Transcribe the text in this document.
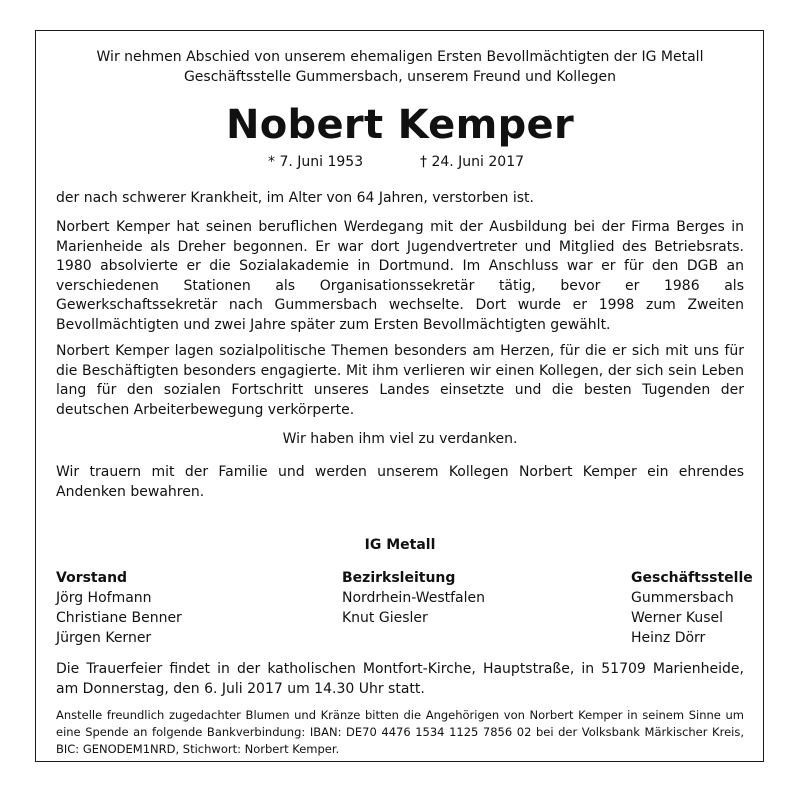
Wir nehmen Abschied von unserem ehemaligen Ersten Bevollmächtigten der IG Metall
Geschäftsstelle Gummersbach, unserem Freund und Kollegen
Nobert Kemper
* 7. Juni 1953	† 24. Juni 2017
der nach schwerer Krankheit, im Alter von 64 Jahren, verstorben ist.
Norbert Kemper hat seinen beruflichen Werdegang mit der Ausbildung bei der Firma Berges in Marienheide als Dreher begonnen. Er war dort Jugendvertreter und Mitglied des Betriebsrats. 1980 absolvierte er die Sozialakademie in Dortmund. Im Anschluss war er für den DGB an verschiedenen Stationen als Organisationssekretär tätig, bevor er 1986 als Gewerkschaftssekretär nach Gummersbach wechselte. Dort wurde er 1998 zum Zweiten Bevollmächtigten und zwei Jahre später zum Ersten Bevollmächtigten gewählt.
Norbert Kemper lagen sozialpolitische Themen besonders am Herzen, für die er sich mit uns für die Beschäftigten besonders engagierte. Mit ihm verlieren wir einen Kollegen, der sich sein Leben lang für den sozialen Fortschritt unseres Landes einsetzte und die besten Tugenden der deutschen Arbeiterbewegung verkörperte.
Wir haben ihm viel zu verdanken.
Wir trauern mit der Familie und werden unserem Kollegen Norbert Kemper ein ehrendes Andenken bewahren.
IG Metall
Vorstand
Jörg Hofmann
Christiane Benner
Jürgen Kerner
Bezirksleitung
Nordrhein-Westfalen
Knut Giesler
Geschäftsstelle
Gummersbach
Werner Kusel
Heinz Dörr
Die Trauerfeier findet in der katholischen Montfort-Kirche, Hauptstraße, in 51709 Marienheide, am Donnerstag, den 6. Juli 2017 um 14.30 Uhr statt.
Anstelle freundlich zugedachter Blumen und Kränze bitten die Angehörigen von Norbert Kemper in seinem Sinne um eine Spende an folgende Bankverbindung: IBAN: DE70 4476 1534 1125 7856 02 bei der Volksbank Märkischer Kreis, BIC: GENODEM1NRD, Stichwort: Norbert Kemper.
